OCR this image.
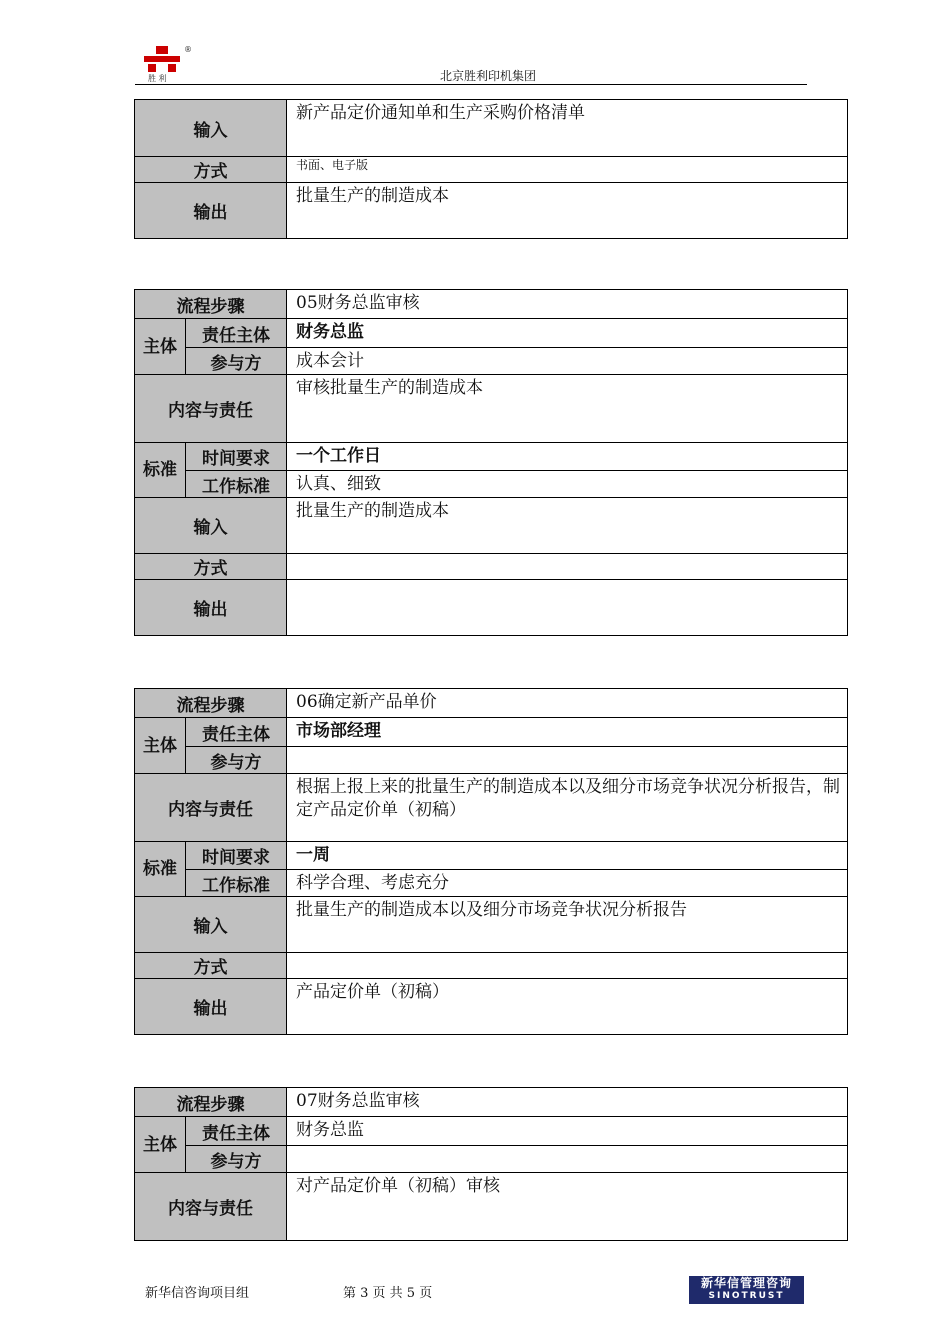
®
胜 利	北京胜利印机集团
输入	新产品定价通知单和生产采购价格清单
方式	书面、电子版
输出	批量生产的制造成本
流程步骤		05财务总监审核

主体	责任主体	财务总监
	参与方	成本会计
内容与责任		审核批量生产的制造成本

标准	时间要求	一个工作日
	工作标准	认真、细致
输入		批量生产的制造成本
方式		
输出		
流程步骤		06确定新产品单价

主体	责任主体	市场部经理
	参与方	
内容与责任		根据上报上来的批量生产的制造成本以及细分市场竞争状况分析报告，制定产品定价单（初稿）

标准	时间要求	一周
	工作标准	科学合理、考虑充分
输入		批量生产的制造成本以及细分市场竞争状况分析报告
方式		
输出		产品定价单（初稿）
流程步骤		07财务总监审核

主体	责任主体	财务总监
	参与方	
内容与责任		对产品定价单（初稿）审核
新华信咨询项目组	第 3 页 共 5 页
新华信管理咨询
SINOTRUST
